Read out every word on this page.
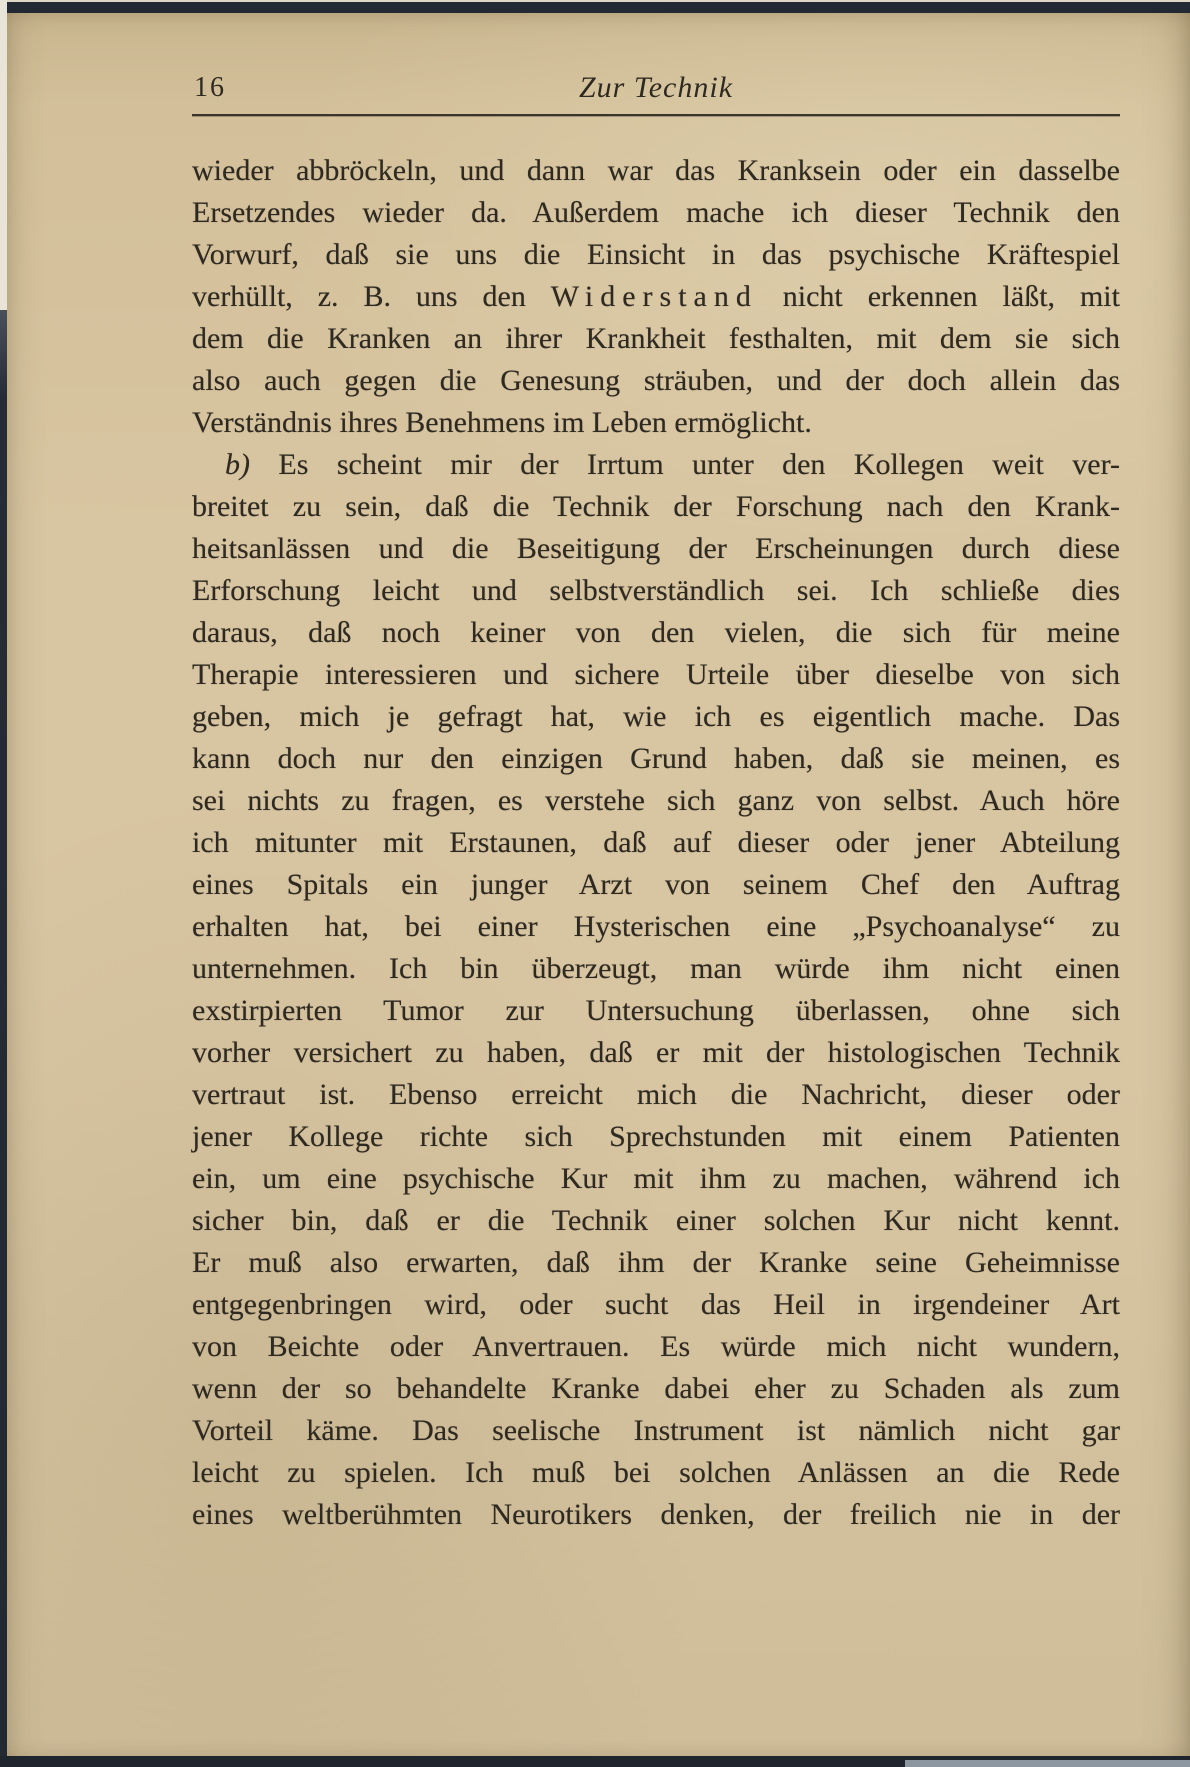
16	Zur Technik
wieder abbröckeln, und dann war das Kranksein oder ein dasselbe
Ersetzendes wieder da. Außerdem mache ich dieser Technik den
Vorwurf, daß sie uns die Einsicht in das psychische Kräftespiel
verhüllt, z. B. uns den Widerstand nicht erkennen läßt, mit
dem die Kranken an ihrer Krankheit festhalten, mit dem sie sich
also auch gegen die Genesung sträuben, und der doch allein das
Verständnis ihres Benehmens im Leben ermöglicht.
b) Es scheint mir der Irrtum unter den Kollegen weit ver-
breitet zu sein, daß die Technik der Forschung nach den Krank-
heitsanlässen und die Beseitigung der Erscheinungen durch diese
Erforschung leicht und selbstverständlich sei. Ich schließe dies
daraus, daß noch keiner von den vielen, die sich für meine
Therapie interessieren und sichere Urteile über dieselbe von sich
geben, mich je gefragt hat, wie ich es eigentlich mache. Das
kann doch nur den einzigen Grund haben, daß sie meinen, es
sei nichts zu fragen, es verstehe sich ganz von selbst. Auch höre
ich mitunter mit Erstaunen, daß auf dieser oder jener Abteilung
eines Spitals ein junger Arzt von seinem Chef den Auftrag
erhalten hat, bei einer Hysterischen eine „Psychoanalyse“ zu
unternehmen. Ich bin überzeugt, man würde ihm nicht einen
exstirpierten Tumor zur Untersuchung überlassen, ohne sich
vorher versichert zu haben, daß er mit der histologischen Technik
vertraut ist. Ebenso erreicht mich die Nachricht, dieser oder
jener Kollege richte sich Sprechstunden mit einem Patienten
ein, um eine psychische Kur mit ihm zu machen, während ich
sicher bin, daß er die Technik einer solchen Kur nicht kennt.
Er muß also erwarten, daß ihm der Kranke seine Geheimnisse
entgegenbringen wird, oder sucht das Heil in irgendeiner Art
von Beichte oder Anvertrauen. Es würde mich nicht wundern,
wenn der so behandelte Kranke dabei eher zu Schaden als zum
Vorteil käme. Das seelische Instrument ist nämlich nicht gar
leicht zu spielen. Ich muß bei solchen Anlässen an die Rede
eines weltberühmten Neurotikers denken, der freilich nie in der
